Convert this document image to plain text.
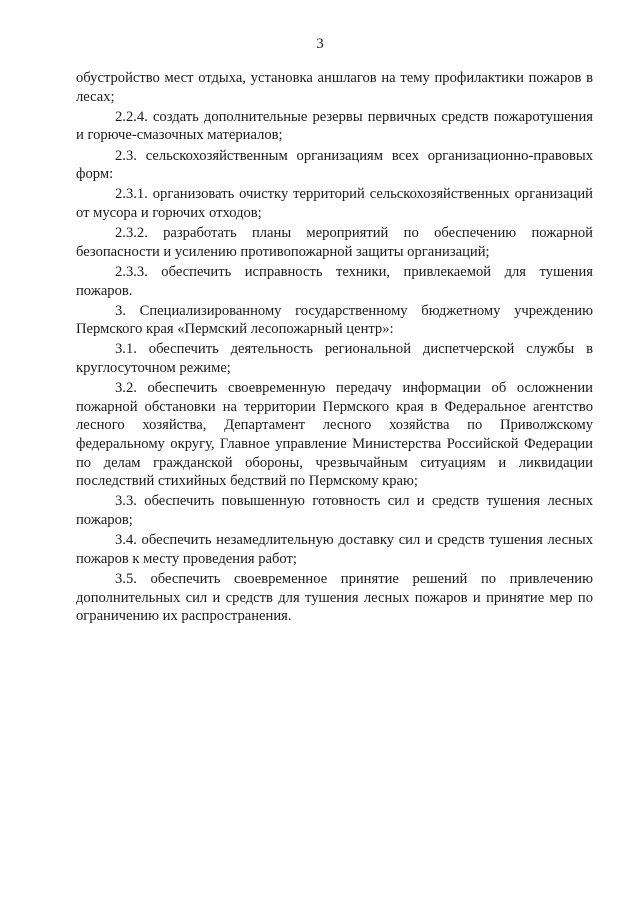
3

обустройство мест отдыха, установка аншлагов на тему профилактики пожаров в лесах;

2.2.4. создать дополнительные резервы первичных средств пожаротушения и горюче-смазочных материалов;

2.3. сельскохозяйственным организациям всех организационно-правовых форм:

2.3.1. организовать очистку территорий сельскохозяйственных организаций от мусора и горючих отходов;

2.3.2. разработать планы мероприятий по обеспечению пожарной безопасности и усилению противопожарной защиты организаций;

2.3.3. обеспечить исправность техники, привлекаемой для тушения пожаров.

3. Специализированному государственному бюджетному учреждению Пермского края «Пермский лесопожарный центр»:

3.1. обеспечить деятельность региональной диспетчерской службы в круглосуточном режиме;

3.2. обеспечить своевременную передачу информации об осложнении пожарной обстановки на территории Пермского края в Федеральное агентство лесного хозяйства, Департамент лесного хозяйства по Приволжскому федеральному округу, Главное управление Министерства Российской Федерации по делам гражданской обороны, чрезвычайным ситуациям и ликвидации последствий стихийных бедствий по Пермскому краю;

3.3. обеспечить повышенную готовность сил и средств тушения лесных пожаров;

3.4. обеспечить незамедлительную доставку сил и средств тушения лесных пожаров к месту проведения работ;

3.5. обеспечить своевременное принятие решений по привлечению дополнительных сил и средств для тушения лесных пожаров и принятие мер по ограничению их распространения.
